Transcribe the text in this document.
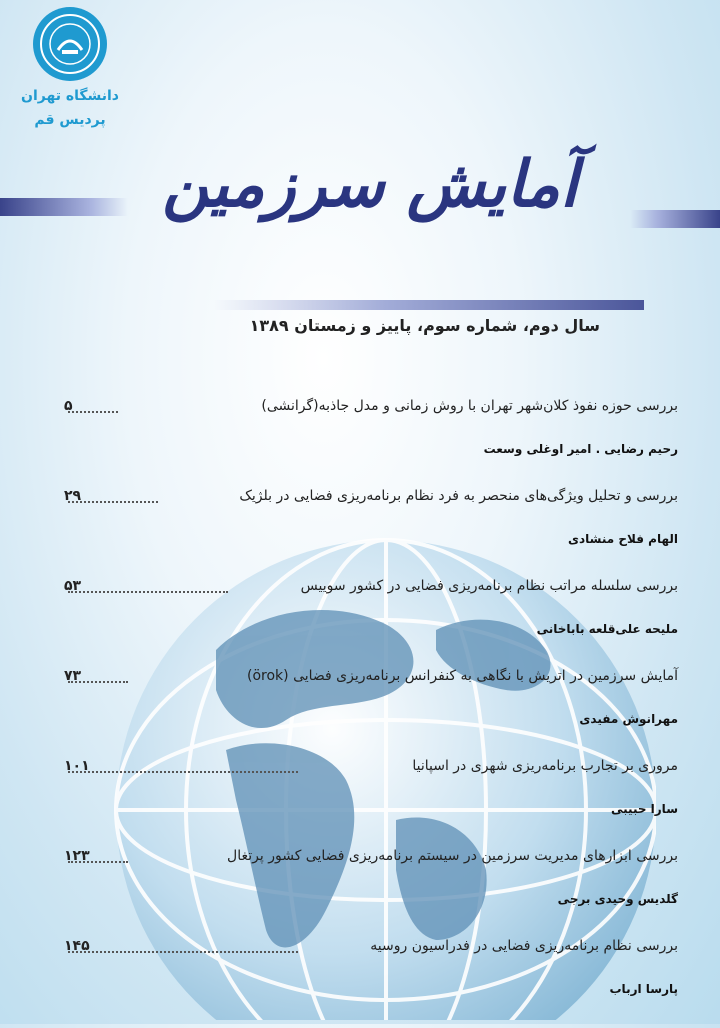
دانشگاه تهران
پردیس قم
آمایش سرزمین
سال دوم، شماره سوم، پاییز و زمستان ۱۳۸۹
بررسی حوزه نفوذ کلان‌شهر تهران با روش زمانی و مدل جاذبه(گرانشی)
۵
رحیم رضایی . امیر اوغلی وسعت
بررسی و تحلیل ویژگی‌های منحصر به فرد نظام برنامه‌ریزی فضایی در بلژیک
۲۹
الهام فلاح منشادی
بررسی سلسله مراتب نظام برنامه‌ریزی فضایی در کشور سوییس
۵۳
ملیحه علی‌قلعه باباخانی
آمایش سرزمین در اتریش با نگاهی به کنفرانس برنامه‌ریزی فضایی (örok)
۷۳
مهرانوش مفیدی
مروری بر تجارب برنامه‌ریزی شهری در اسپانیا
۱۰۱
سارا حبیبی
بررسی ابزارهای مدیریت سرزمین در سیستم برنامه‌ریزی فضایی کشور پرتغال
۱۲۳
گلدیس وحیدی برجی
بررسی نظام برنامه‌ریزی فضایی در فدراسیون روسیه
۱۴۵
پارسا ارباب
